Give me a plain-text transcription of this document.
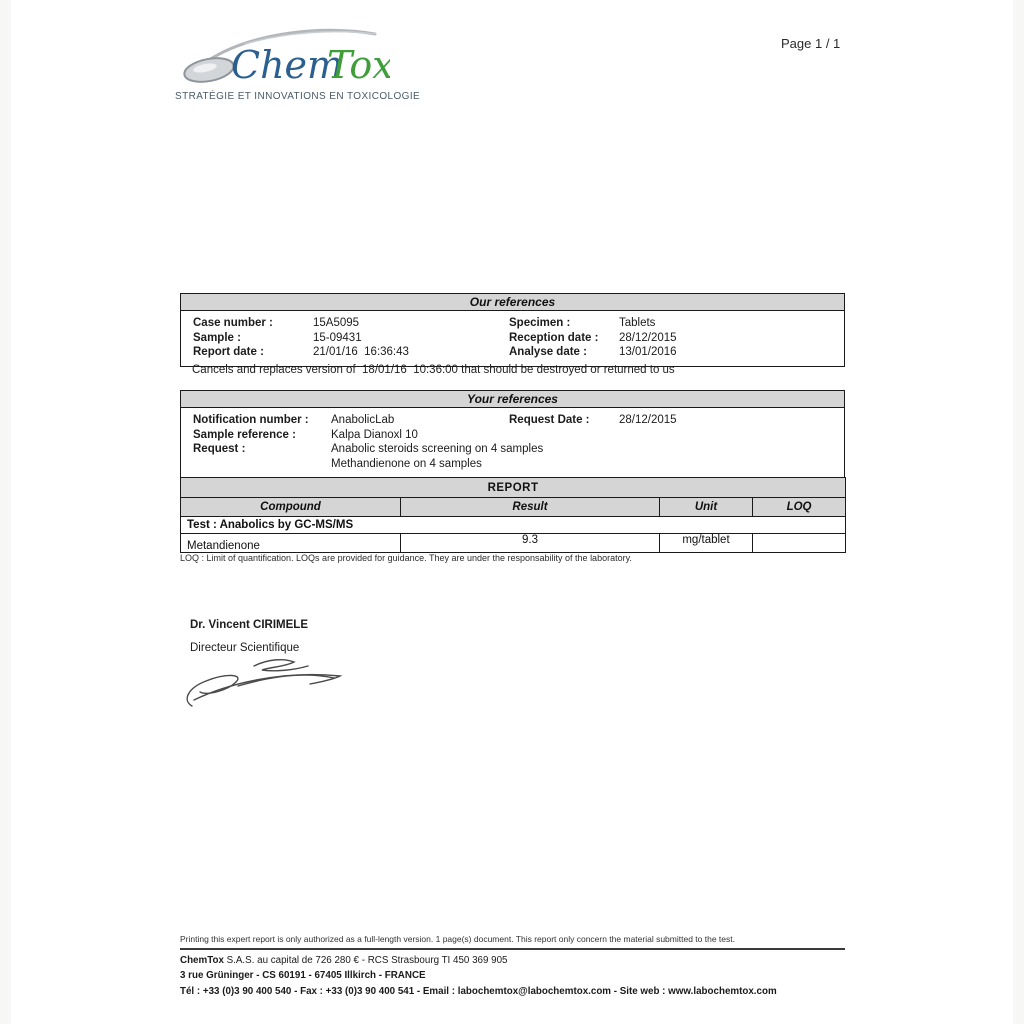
Chem
Tox
STRATÉGIE ET INNOVATIONS EN TOXICOLOGIE
Page 1 / 1
Our references
Case number :	15A5095	Specimen :	Tablets
Sample :	15-09431	Reception date :	28/12/2015
Report date :	21/01/16  16:36:43	Analyse date :	13/01/2016
Cancels and replaces version of  18/01/16  10:36:00 that should be destroyed or returned to us
Your references
Notification number :	AnabolicLab	Request Date :	28/12/2015
Sample reference :	Kalpa Dianoxl 10
Request :	Anabolic steroids screening on 4 samples
Methandienone on 4 samples
REPORT			
Compound	Result	Unit	LOQ
Test : Anabolics by GC-MS/MS			
Metandienone	9.3	mg/tablet	
LOQ : Limit of quantification. LOQs are provided for guidance. They are under the responsability of the laboratory.
Dr. Vincent CIRIMELE
Directeur Scientifique
Printing this expert report is only authorized as a full-length version. 1 page(s) document. This report only concern the material submitted to the test.
ChemTox S.A.S. au capital de 726 280 € - RCS Strasbourg TI 450 369 905
3 rue Grüninger - CS 60191 - 67405 Illkirch - FRANCE
Tél : +33 (0)3 90 400 540 - Fax : +33 (0)3 90 400 541 - Email : labochemtox@labochemtox.com - Site web : www.labochemtox.com
